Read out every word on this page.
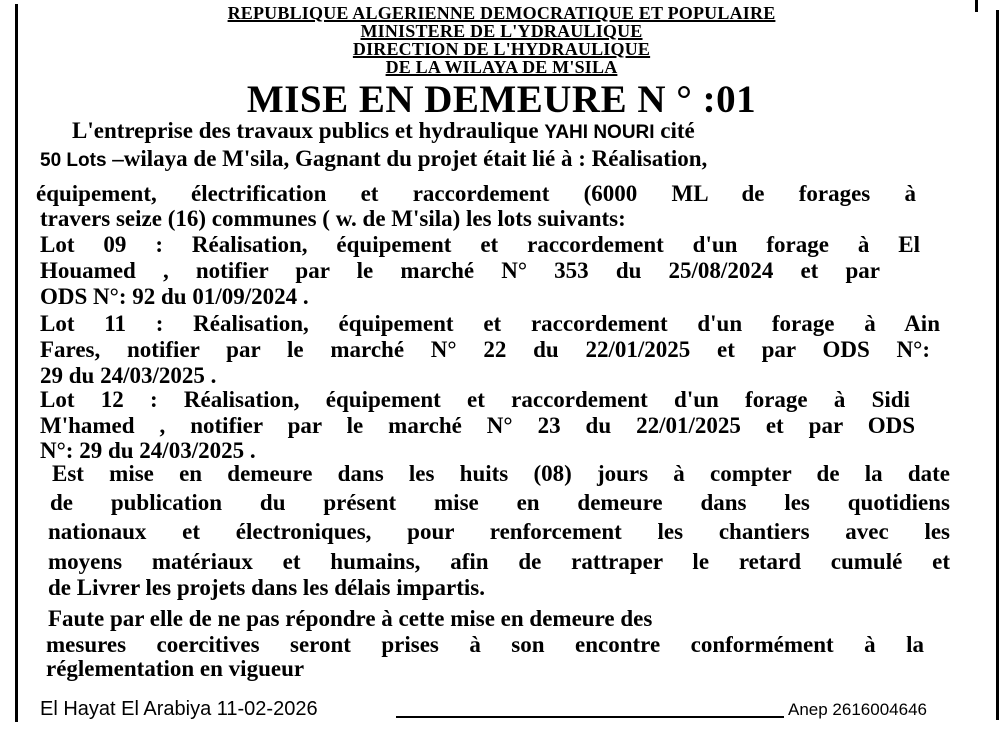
REPUBLIQUE ALGERIENNE DEMOCRATIQUE ET POPULAIRE
MINISTERE DE L'YDRAULIQUE
DIRECTION DE L'HYDRAULIQUE
DE LA WILAYA DE M'SILA
MISE EN DEMEURE N ° :01
L'entreprise des travaux publics et hydraulique YAHI NOURI cité
50 Lots –wilaya de M'sila, Gagnant du projet était lié à : Réalisation,
équipement, électrification et raccordement (6000 ML de forages à
travers seize (16) communes ( w. de M'sila) les lots suivants:
Lot 09 : Réalisation, équipement et raccordement d'un forage à El
Houamed , notifier par le marché N° 353 du 25/08/2024 et par
ODS N°: 92 du 01/09/2024 .
Lot 11 : Réalisation, équipement et raccordement d'un forage à Ain
Fares, notifier par le marché N° 22 du 22/01/2025 et par ODS N°:
29 du 24/03/2025 .
Lot 12 : Réalisation, équipement et raccordement d'un forage à Sidi
M'hamed , notifier par le marché N° 23 du 22/01/2025 et par ODS
N°: 29 du 24/03/2025 .
Est mise en demeure dans les huits (08) jours à compter de la date
de publication du présent mise en demeure dans les quotidiens
nationaux et électroniques, pour renforcement les chantiers avec les
moyens matériaux et humains, afin de rattraper le retard cumulé et
de Livrer les projets dans les délais impartis.
Faute par elle de ne pas répondre à cette mise en demeure des
mesures coercitives seront prises à son encontre conformément à la
réglementation en vigueur
El Hayat El Arabiya 11-02-2026	Anep 2616004646
